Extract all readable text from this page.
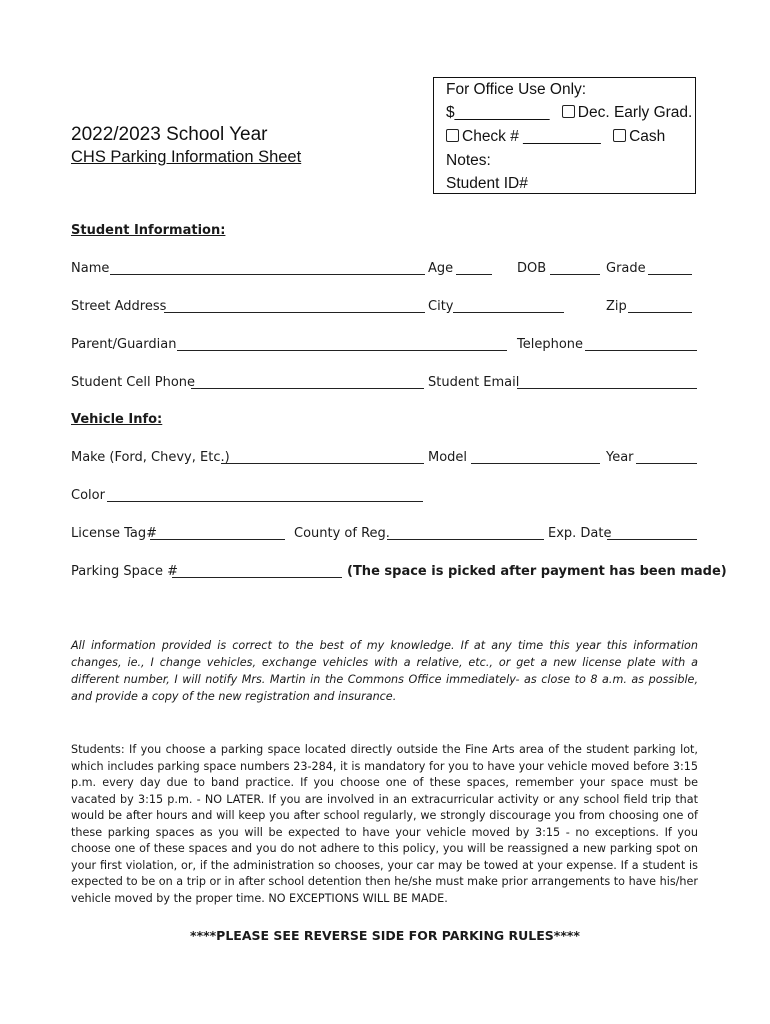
2022/2023 School Year
CHS Parking Information Sheet
For Office Use Only:
$___________ Dec. Early Grad.
Check # _________ Cash
Notes:
Student ID#
Student Information:
Name	Age	DOB	Grade
Street Address	City	Zip
Parent/Guardian	Telephone
Student Cell Phone	Student Email
Vehicle Info:
Make (Ford, Chevy, Etc.)	Model	Year
Color
License Tag#	County of Reg.	Exp. Date
Parking Space #	(The space is picked after payment has been made)
All information provided is correct to the best of my knowledge. If at any time this year this information changes, ie., I change vehicles, exchange vehicles with a relative, etc., or get a new license plate with a different number, I will notify Mrs. Martin in the Commons Office immediately- as close to 8 a.m. as possible, and provide a copy of the new registration and insurance.
Students: If you choose a parking space located directly outside the Fine Arts area of the student parking lot, which includes parking space numbers 23-284, it is mandatory for you to have your vehicle moved before 3:15 p.m. every day due to band practice. If you choose one of these spaces, remember your space must be vacated by 3:15 p.m. - NO LATER. If you are involved in an extracurricular activity or any school field trip that would be after hours and will keep you after school regularly, we strongly discourage you from choosing one of these parking spaces as you will be expected to have your vehicle moved by 3:15 - no exceptions. If you choose one of these spaces and you do not adhere to this policy, you will be reassigned a new parking spot on your first violation, or, if the administration so chooses, your car may be towed at your expense. If a student is expected to be on a trip or in after school detention then he/she must make prior arrangements to have his/her vehicle moved by the proper time. NO EXCEPTIONS WILL BE MADE.
****PLEASE SEE REVERSE SIDE FOR PARKING RULES****
